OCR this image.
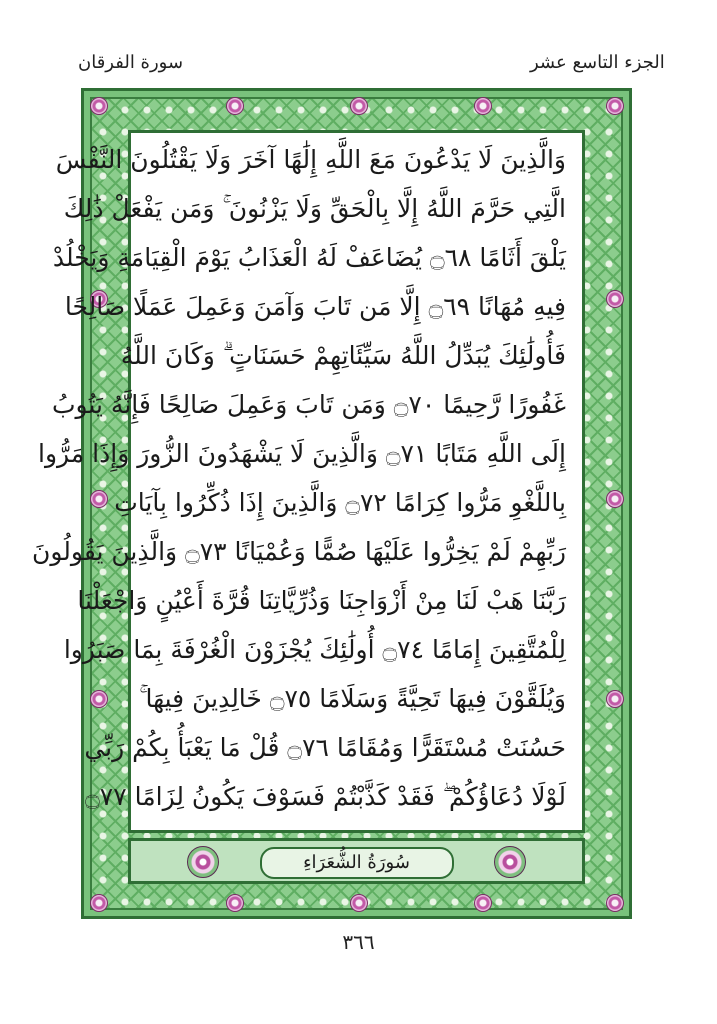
الجزء التاسع عشر
سورة الفرقان
وَالَّذِينَ لَا يَدْعُونَ مَعَ اللَّهِ إِلَٰهًا آخَرَ وَلَا يَقْتُلُونَ النَّفْسَ
الَّتِي حَرَّمَ اللَّهُ إِلَّا بِالْحَقِّ وَلَا يَزْنُونَ ۚ وَمَن يَفْعَلْ ذَٰلِكَ
يَلْقَ أَثَامًا ۝٦٨ يُضَاعَفْ لَهُ الْعَذَابُ يَوْمَ الْقِيَامَةِ وَيَخْلُدْ
فِيهِ مُهَانًا ۝٦٩ إِلَّا مَن تَابَ وَآمَنَ وَعَمِلَ عَمَلًا صَالِحًا
فَأُولَٰئِكَ يُبَدِّلُ اللَّهُ سَيِّئَاتِهِمْ حَسَنَاتٍ ۗ وَكَانَ اللَّهُ
غَفُورًا رَّحِيمًا ۝٧٠ وَمَن تَابَ وَعَمِلَ صَالِحًا فَإِنَّهُ يَتُوبُ
إِلَى اللَّهِ مَتَابًا ۝٧١ وَالَّذِينَ لَا يَشْهَدُونَ الزُّورَ وَإِذَا مَرُّوا
بِاللَّغْوِ مَرُّوا كِرَامًا ۝٧٢ وَالَّذِينَ إِذَا ذُكِّرُوا بِآيَاتِ
رَبِّهِمْ لَمْ يَخِرُّوا عَلَيْهَا صُمًّا وَعُمْيَانًا ۝٧٣ وَالَّذِينَ يَقُولُونَ
رَبَّنَا هَبْ لَنَا مِنْ أَزْوَاجِنَا وَذُرِّيَّاتِنَا قُرَّةَ أَعْيُنٍ وَاجْعَلْنَا
لِلْمُتَّقِينَ إِمَامًا ۝٧٤ أُولَٰئِكَ يُجْزَوْنَ الْغُرْفَةَ بِمَا صَبَرُوا
وَيُلَقَّوْنَ فِيهَا تَحِيَّةً وَسَلَامًا ۝٧٥ خَالِدِينَ فِيهَا ۚ
حَسُنَتْ مُسْتَقَرًّا وَمُقَامًا ۝٧٦ قُلْ مَا يَعْبَأُ بِكُمْ رَبِّي
لَوْلَا دُعَاؤُكُمْ ۖ فَقَدْ كَذَّبْتُمْ فَسَوْفَ يَكُونُ لِزَامًا ۝٧٧
سُورَةُ الشُّعَرَاءِ
٣٦٦
